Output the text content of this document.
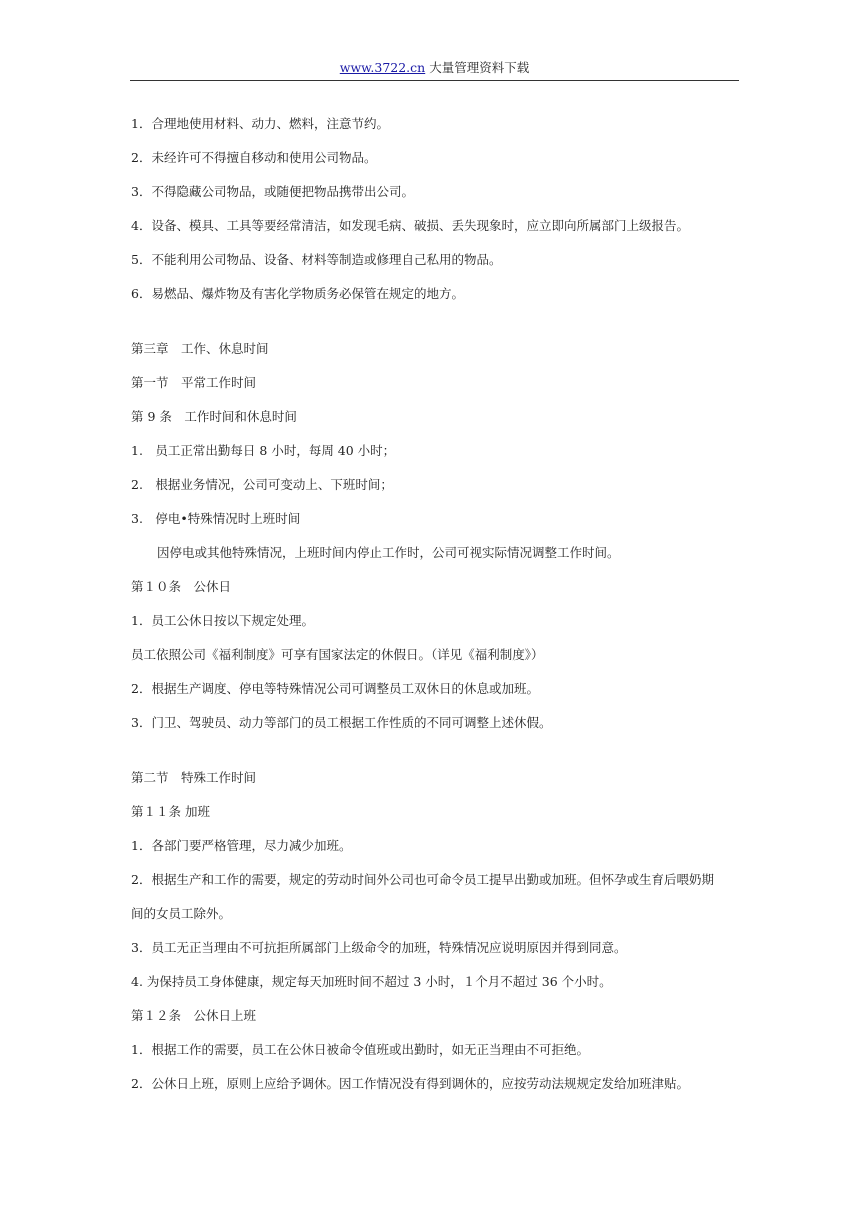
www.3722.cn 大量管理资料下载
1．合理地使用材料、动力、燃料，注意节约。
2．未经许可不得擅自移动和使用公司物品。
3．不得隐藏公司物品，或随便把物品携带出公司。
4．设备、模具、工具等要经常清洁，如发现毛病、破损、丢失现象时，应立即向所属部门上级报告。
5．不能利用公司物品、设备、材料等制造或修理自己私用的物品。
6．易燃品、爆炸物及有害化学物质务必保管在规定的地方。
第三章　工作、休息时间
第一节　平常工作时间
第 9 条　工作时间和休息时间
1.　员工正常出勤每日 8 小时，每周 40 小时；
2.　根据业务情况，公司可变动上、下班时间；
3.　停电•特殊情况时上班时间
因停电或其他特殊情况，上班时间内停止工作时，公司可视实际情况调整工作时间。
第１０条　公休日
1．员工公休日按以下规定处理。
员工依照公司《福利制度》可享有国家法定的休假日。（详见《福利制度》）
2．根据生产调度、停电等特殊情况公司可调整员工双休日的休息或加班。
3．门卫、驾驶员、动力等部门的员工根据工作性质的不同可调整上述休假。
第二节　特殊工作时间
第１１条 加班
1．各部门要严格管理，尽力减少加班。
2．根据生产和工作的需要，规定的劳动时间外公司也可命令员工提早出勤或加班。但怀孕或生育后喂奶期
间的女员工除外。
3．员工无正当理由不可抗拒所属部门上级命令的加班，特殊情况应说明原因并得到同意。
4. 为保持员工身体健康，规定每天加班时间不超过 3 小时，１个月不超过 36 个小时。
第１２条　公休日上班
1．根据工作的需要，员工在公休日被命令值班或出勤时，如无正当理由不可拒绝。
2．公休日上班，原则上应给予调休。因工作情况没有得到调休的，应按劳动法规规定发给加班津贴。
